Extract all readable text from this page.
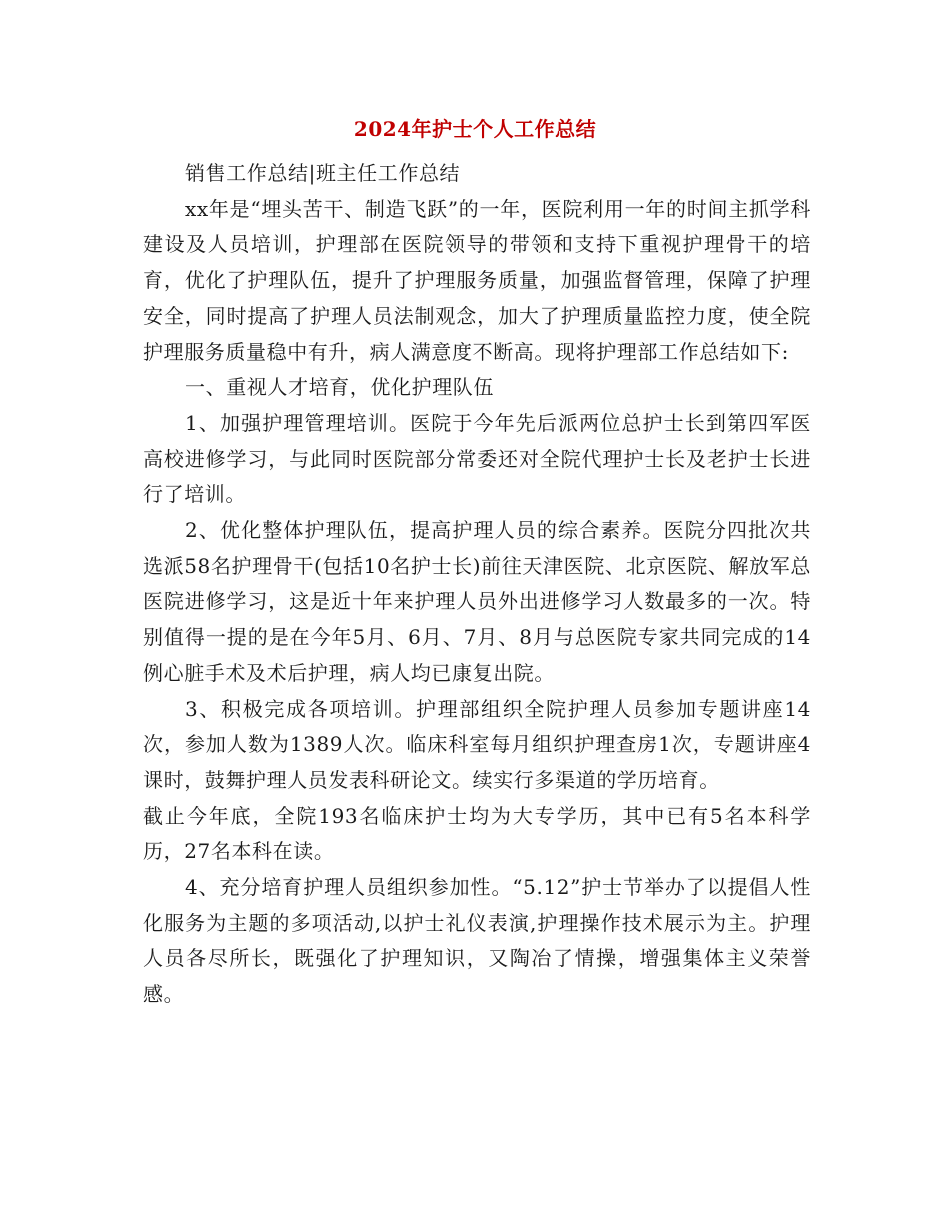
2024年护士个人工作总结

销售工作总结|班主任工作总结

xx年是“埋头苦干、制造飞跃”的一年，医院利用一年的时间主抓学科建设及人员培训，护理部在医院领导的带领和支持下重视护理骨干的培育，优化了护理队伍，提升了护理服务质量，加强监督管理，保障了护理安全，同时提高了护理人员法制观念，加大了护理质量监控力度，使全院护理服务质量稳中有升，病人满意度不断高。现将护理部工作总结如下:

一、重视人才培育，优化护理队伍

1、加强护理管理培训。医院于今年先后派两位总护士长到第四军医高校进修学习，与此同时医院部分常委还对全院代理护士长及老护士长进行了培训。

2、优化整体护理队伍，提高护理人员的综合素养。医院分四批次共选派58名护理骨干(包括10名护士长)前往天津医院、北京医院、解放军总医院进修学习，这是近十年来护理人员外出进修学习人数最多的一次。特别值得一提的是在今年5月、6月、7月、8月与总医院专家共同完成的14例心脏手术及术后护理，病人均已康复出院。

3、积极完成各项培训。护理部组织全院护理人员参加专题讲座14次，参加人数为1389人次。临床科室每月组织护理查房1次，专题讲座4课时，鼓舞护理人员发表科研论文。续实行多渠道的学历培育。

截止今年底，全院193名临床护士均为大专学历，其中已有5名本科学历，27名本科在读。

4、充分培育护理人员组织参加性。“5.12”护士节举办了以提倡人性化服务为主题的多项活动,以护士礼仪表演,护理操作技术展示为主。护理人员各尽所长，既强化了护理知识，又陶冶了情操，增强集体主义荣誉感。
